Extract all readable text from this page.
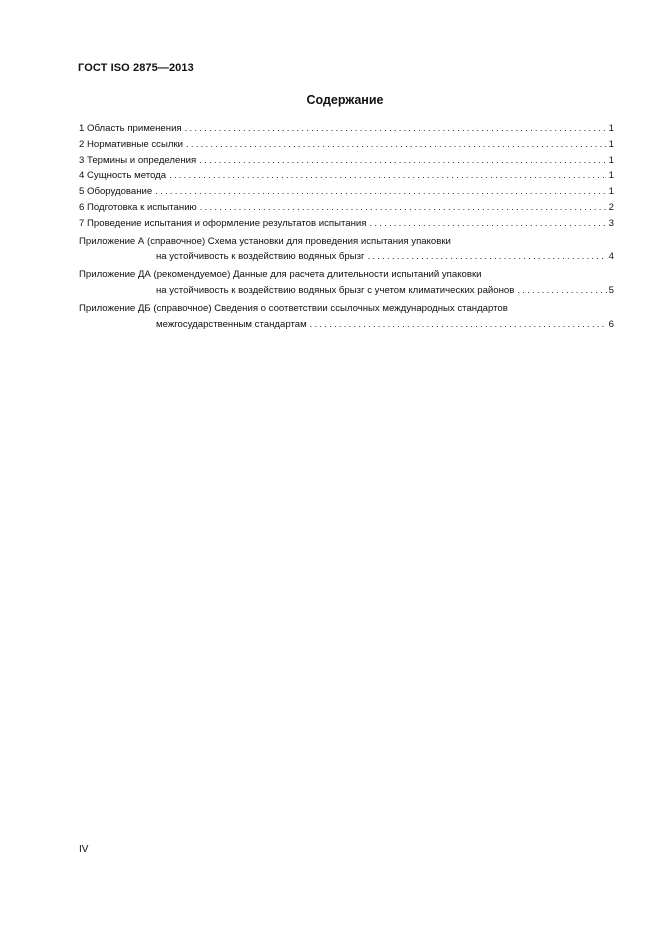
ГОСТ ISO 2875—2013
Содержание
1 Область применения .....	1
2 Нормативные ссылки .....	1
3 Термины и определения .....	1
4 Сущность метода .....	1
5 Оборудование .....	1
6 Подготовка к испытанию .....	2
7 Проведение испытания и оформление результатов испытания .....	3
Приложение А (справочное) Схема установки для проведения испытания упаковки
на устойчивость к воздействию водяных брызг .....	4
Приложение ДА (рекомендуемое) Данные для расчета длительности испытаний упаковки
на устойчивость к воздействию водяных брызг с учетом климатических районов .....	5
Приложение ДБ (справочное) Сведения о соответствии ссылочных международных стандартов
межгосударственным стандартам .....	6
IV
